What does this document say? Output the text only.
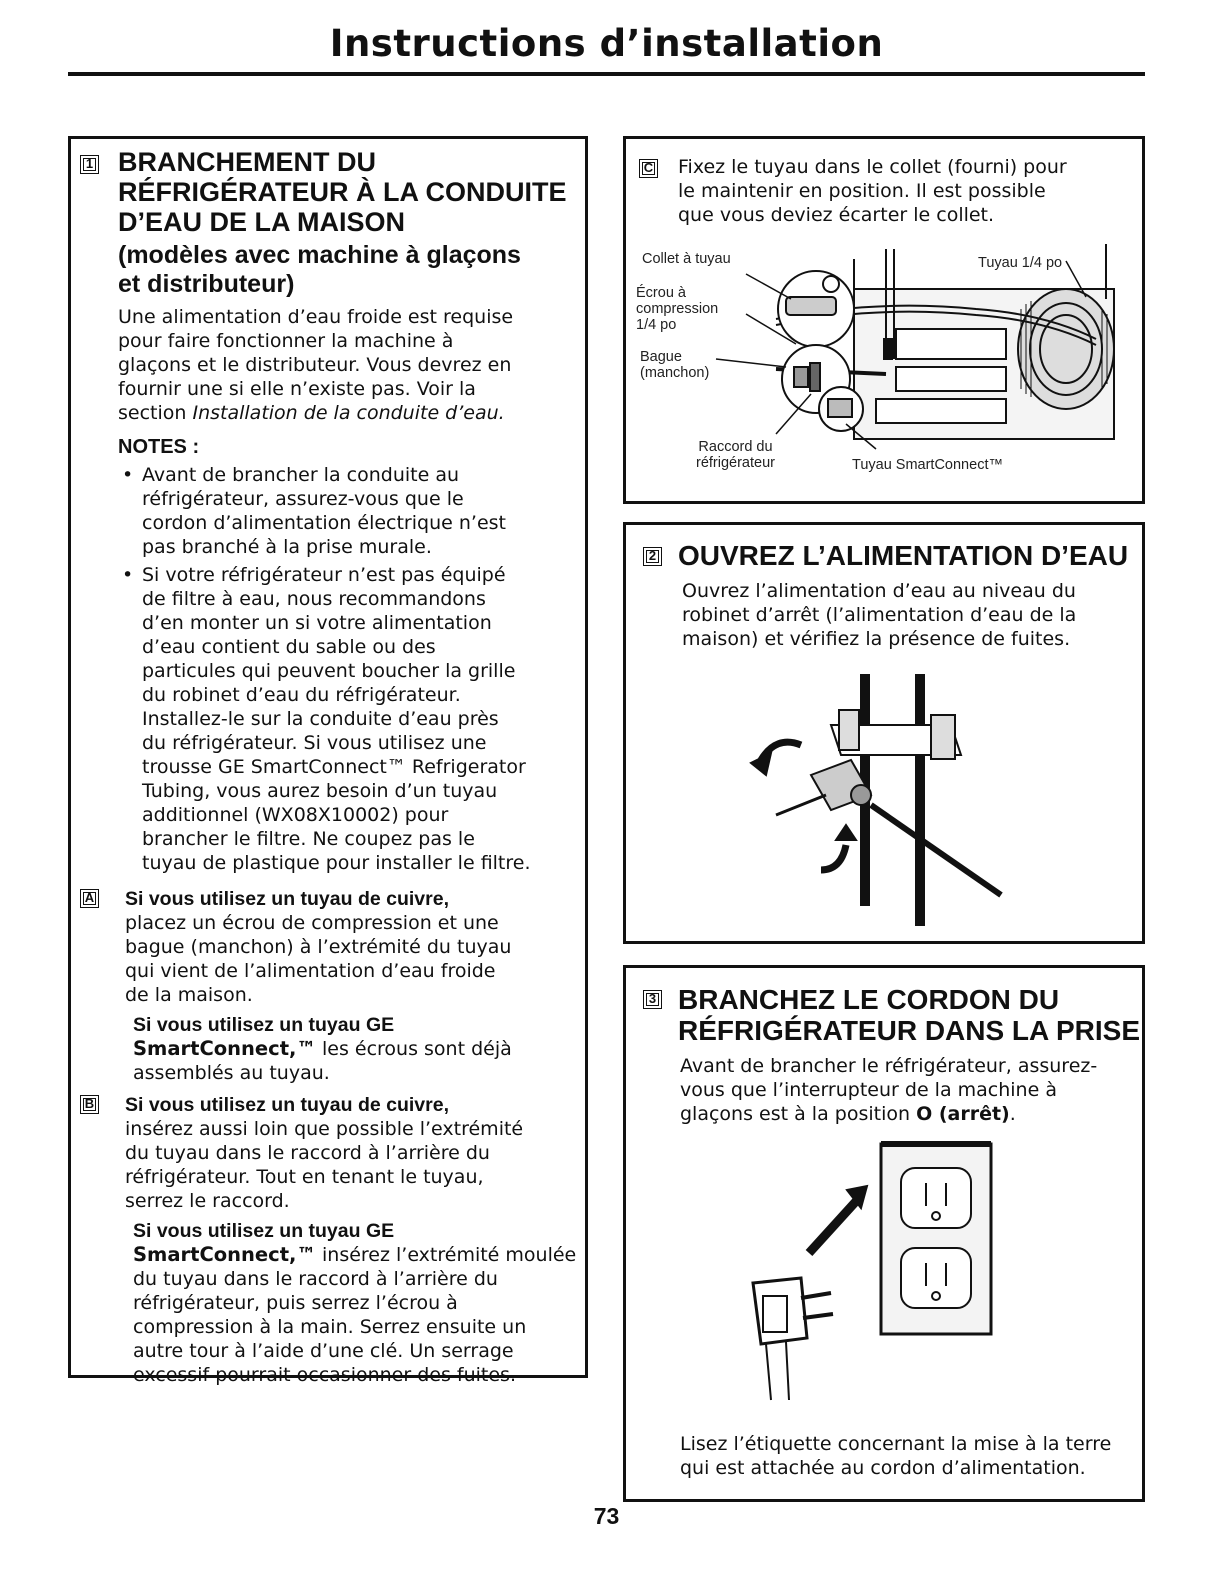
Instructions d’installation
1 BRANCHEMENT DU
RÉFRIGÉRATEUR À LA CONDUITE
D’EAU DE LA MAISON
(modèles avec machine à glaçons
et distributeur)
Une alimentation d’eau froide est requise
pour faire fonctionner la machine à
glaçons et le distributeur. Vous devrez en
fournir une si elle n’existe pas. Voir la
section Installation de la conduite d’eau.
NOTES :
• Avant de brancher la conduite au
réfrigérateur, assurez-vous que le
cordon d’alimentation électrique n’est
pas branché à la prise murale.
• Si votre réfrigérateur n’est pas équipé
de filtre à eau, nous recommandons
d’en monter un si votre alimentation
d’eau contient du sable ou des
particules qui peuvent boucher la grille
du robinet d’eau du réfrigérateur.
Installez-le sur la conduite d’eau près
du réfrigérateur. Si vous utilisez une
trousse GE SmartConnect™ Refrigerator
Tubing, vous aurez besoin d’un tuyau
additionnel (WX08X10002) pour
brancher le filtre. Ne coupez pas le
tuyau de plastique pour installer le filtre.
A Si vous utilisez un tuyau de cuivre,
placez un écrou de compression et une
bague (manchon) à l’extrémité du tuyau
qui vient de l’alimentation d’eau froide
de la maison.
Si vous utilisez un tuyau GE
SmartConnect,™ les écrous sont déjà
assemblés au tuyau.
B Si vous utilisez un tuyau de cuivre,
insérez aussi loin que possible l’extrémité
du tuyau dans le raccord à l’arrière du
réfrigérateur. Tout en tenant le tuyau,
serrez le raccord.
Si vous utilisez un tuyau GE
SmartConnect,™ insérez l’extrémité moulée
du tuyau dans le raccord à l’arrière du
réfrigérateur, puis serrez l’écrou à
compression à la main. Serrez ensuite un
autre tour à l’aide d’une clé. Un serrage
excessif pourrait occasionner des fuites.
C Fixez le tuyau dans le collet (fourni) pour
le maintenir en position. Il est possible
que vous deviez écarter le collet.
Collet à tuyau
Écrou à
compression
1/4 po
Bague
(manchon)
Tuyau 1/4 po
Raccord du
réfrigérateur	Tuyau SmartConnect™
2 OUVREZ L’ALIMENTATION D’EAU
Ouvrez l’alimentation d’eau au niveau du
robinet d’arrêt (l’alimentation d’eau de la
maison) et vérifiez la présence de fuites.
3 BRANCHEZ LE CORDON DU
RÉFRIGÉRATEUR DANS LA PRISE
Avant de brancher le réfrigérateur, assurez-
vous que l’interrupteur de la machine à
glaçons est à la position O (arrêt).
Lisez l’étiquette concernant la mise à la terre
qui est attachée au cordon d’alimentation.
73
